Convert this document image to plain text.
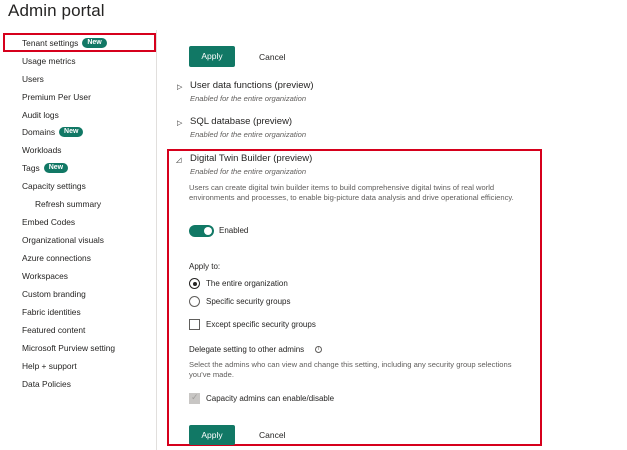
Admin portal
Tenant settings	New
Usage metrics
Users
Premium Per User
Audit logs
Domains	New
Workloads
Tags	New
Capacity settings
Refresh summary
Embed Codes
Organizational visuals
Azure connections
Workspaces
Custom branding
Fabric identities
Featured content
Microsoft Purview setting
Help + support
Data Policies
Apply	Cancel
▷ User data functions (preview)
Enabled for the entire organization
▷ SQL database (preview)
Enabled for the entire organization
◿ Digital Twin Builder (preview)
Enabled for the entire organization
Users can create digital twin builder items to build comprehensive digital twins of real world environments and processes, to enable big-picture data analysis and drive operational efficiency.
Enabled
Apply to:
The entire organization
Specific security groups
Except specific security groups
Delegate setting to other admins	i
Select the admins who can view and change this setting, including any security group selections you've made.
✓
Capacity admins can enable/disable
Apply	Cancel
